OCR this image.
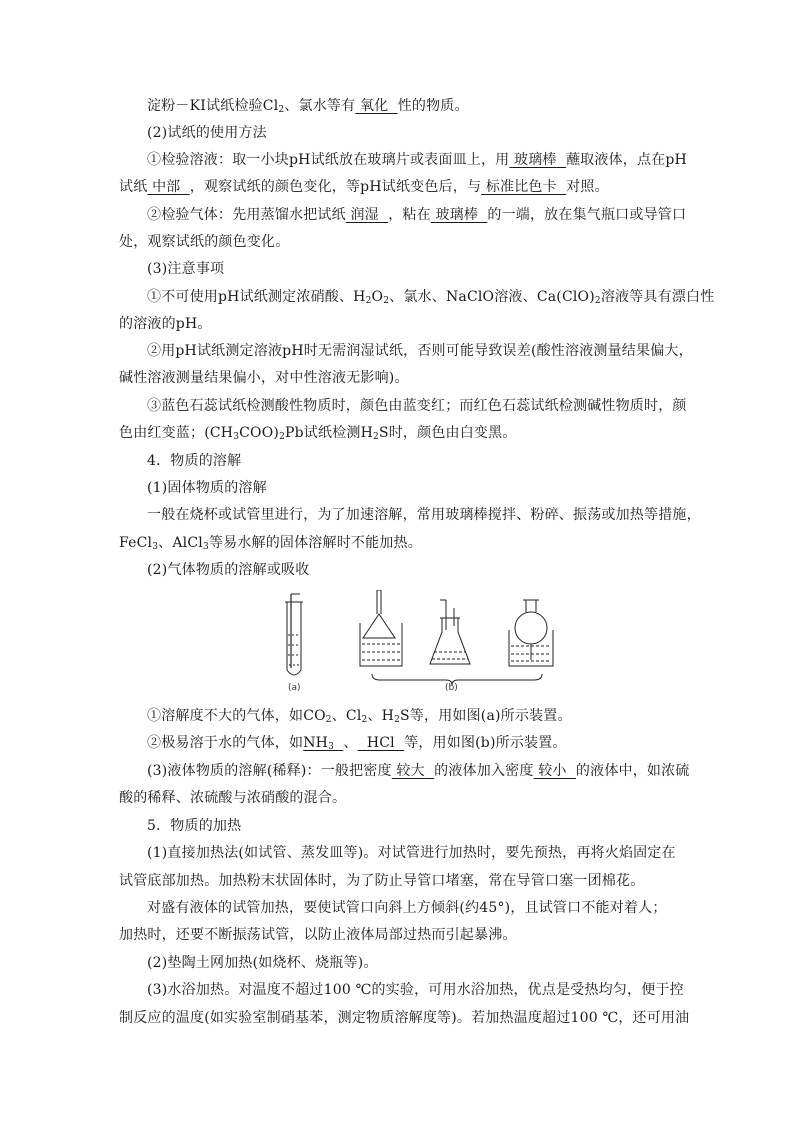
淀粉－KI试纸检验$Cl_2$、氯水等有 氧化 性的物质。
(2)试纸的使用方法
①检验溶液：取一小块pH试纸放在玻璃片或表面皿上，用 玻璃棒 蘸取液体，点在pH
试纸 中部 ，观察试纸的颜色变化，等pH试纸变色后，与 标准比色卡 对照。
②检验气体：先用蒸馏水把试纸 润湿 ，粘在 玻璃棒 的一端，放在集气瓶口或导管口
处，观察试纸的颜色变化。
(3)注意事项
①不可使用pH试纸测定浓硝酸、$H_2O_2$、氯水、NaClO溶液、$Ca(ClO)_2$溶液等具有漂白性
的溶液的pH。
②用pH试纸测定溶液pH时无需润湿试纸，否则可能导致误差(酸性溶液测量结果偏大，
碱性溶液测量结果偏小，对中性溶液无影响)。
③蓝色石蕊试纸检测酸性物质时，颜色由蓝变红；而红色石蕊试纸检测碱性物质时，颜
色由红变蓝；$(CH_3COO)_2Pb$试纸检测$H_2S$时，颜色由白变黑。
4．物质的溶解
(1)固体物质的溶解
一般在烧杯或试管里进行，为了加速溶解，常用玻璃棒搅拌、粉碎、振荡或加热等措施，
FeCl$_3$、AlCl$_3$等易水解的固体溶解时不能加热。
(2)气体物质的溶解或吸收
(a)	(b)
①溶解度不大的气体，如$CO_2$、$Cl_2$、$H_2S$等，用如图(a)所示装置。
②极易溶于水的气体，如$NH_3$ 、 HCl 等，用如图(b)所示装置。
(3)液体物质的溶解(稀释)：一般把密度 较大 的液体加入密度 较小 的液体中，如浓硫
酸的稀释、浓硫酸与浓硝酸的混合。
5．物质的加热
(1)直接加热法(如试管、蒸发皿等)。对试管进行加热时，要先预热，再将火焰固定在
试管底部加热。加热粉末状固体时，为了防止导管口堵塞，常在导管口塞一团棉花。
对盛有液体的试管加热，要使试管口向斜上方倾斜(约45°)，且试管口不能对着人；
加热时，还要不断振荡试管，以防止液体局部过热而引起暴沸。
(2)垫陶土网加热(如烧杯、烧瓶等)。
(3)水浴加热。对温度不超过100 ℃的实验，可用水浴加热，优点是受热均匀，便于控
制反应的温度(如实验室制硝基苯，测定物质溶解度等)。若加热温度超过100 ℃，还可用油
